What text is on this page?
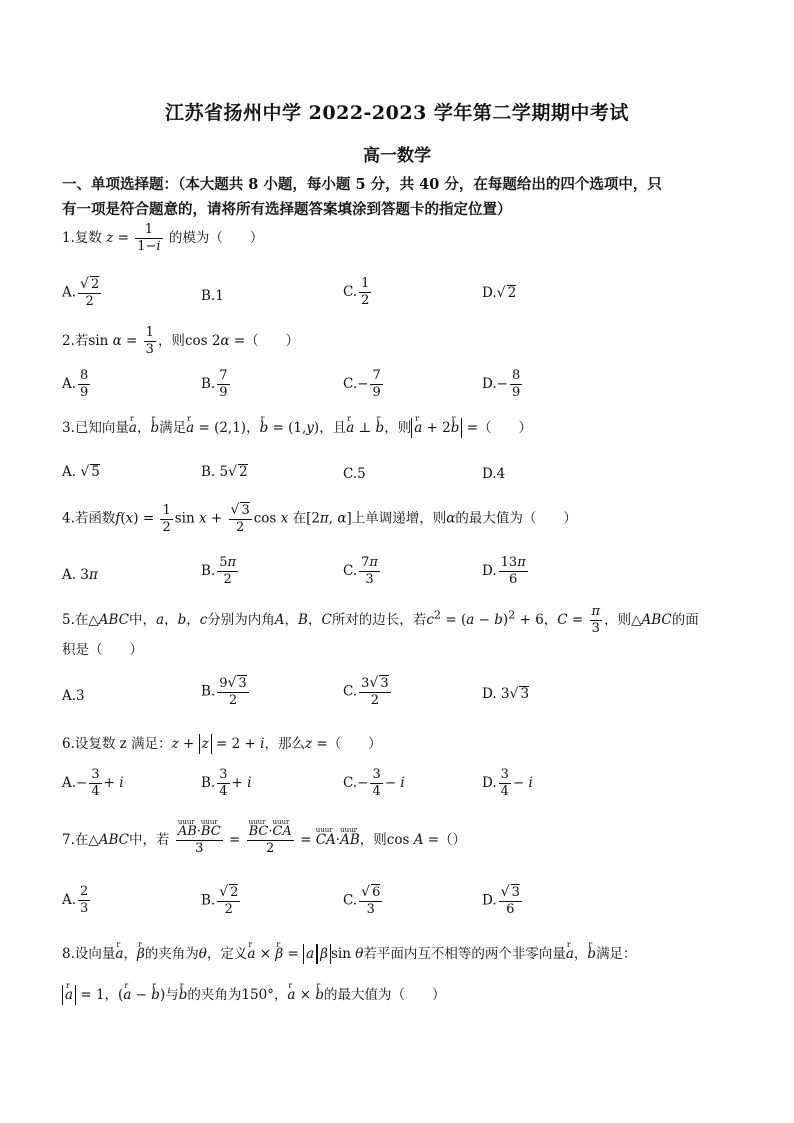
江苏省扬州中学 2022-2023 学年第二学期期中考试
高一数学
一、单项选择题：（本大题共 8 小题，每小题 5 分，共 40 分，在每题给出的四个选项中，只
有一项是符合题意的，请将所有选择题答案填涂到答题卡的指定位置）
1.复数 $z = \frac{1}{1-i}$ 的模为（　　）
A. $\frac{√ 2}{2}$	B.1	C. $\frac{1}{2}$	D.√ 2
2.若$\sin \alpha = \frac{1}{3}$ ，则cos 2α =（　　）
A. $\frac{8}{9}$	B. $\frac{7}{9}$	$C.- \frac{7}{9}$	$D.- \frac{8}{9}$
3.已知向量r a，r b满足r a = (2,1)，r b = (1,y)，且r a ⊥ r b，则 r a + 2r b =（　　）
A. √ 5	B. 5√ 2	C.5	D.4
4.若函数$f(x) = \frac{1}{2}$ $\sin x + \frac{√ 3}{2}$ cos x 在[2π, α]上单调递增，则α的最大值为（　　）
A. 3π	B. $\frac{5\pi}{2}$	C. $\frac{7\pi}{3}$	D. $\frac{13\pi}{6}$
5.在△ABC中，a，b，c分别为内角A，B，C所对的边长，若$c^2 = (a - b)^2 + 6$，$C = \frac{\pi}{3}$ ，则△ABC的面
积是（　　）
A.3	B. $\frac{9√ 3}{2}$	C. $\frac{3√ 3}{2}$	D. 3√ 3
6.设复数 z 满足：z + z = 2 + i，那么z =（　　）
$A.- \frac{3}{4} + i$	B. $\frac{3}{4} + i$	$C.- \frac{3}{4} - i$	D. $\frac{3}{4} - i$
7.在△ABC中，若 uuur $\frac{\text{AB·uuur BC}}{3}$ = uuur $\frac{\text{BC·uuur CA}}{2}$ = uuur CA·uuur AB，则cos A =（）
A. $\frac{2}{3}$	B. $\frac{√ 2}{2}$	C. $\frac{√ 6}{3}$	D. $\frac{√ 3}{6}$
8.设向量r a，r β的夹角为θ，定义r a × r β = a β sin θ若平面内互不相等的两个非零向量r a，r b满足：
r a = 1，(r a − r b)与r b的夹角为150°，r a × r b的最大值为（　　）
